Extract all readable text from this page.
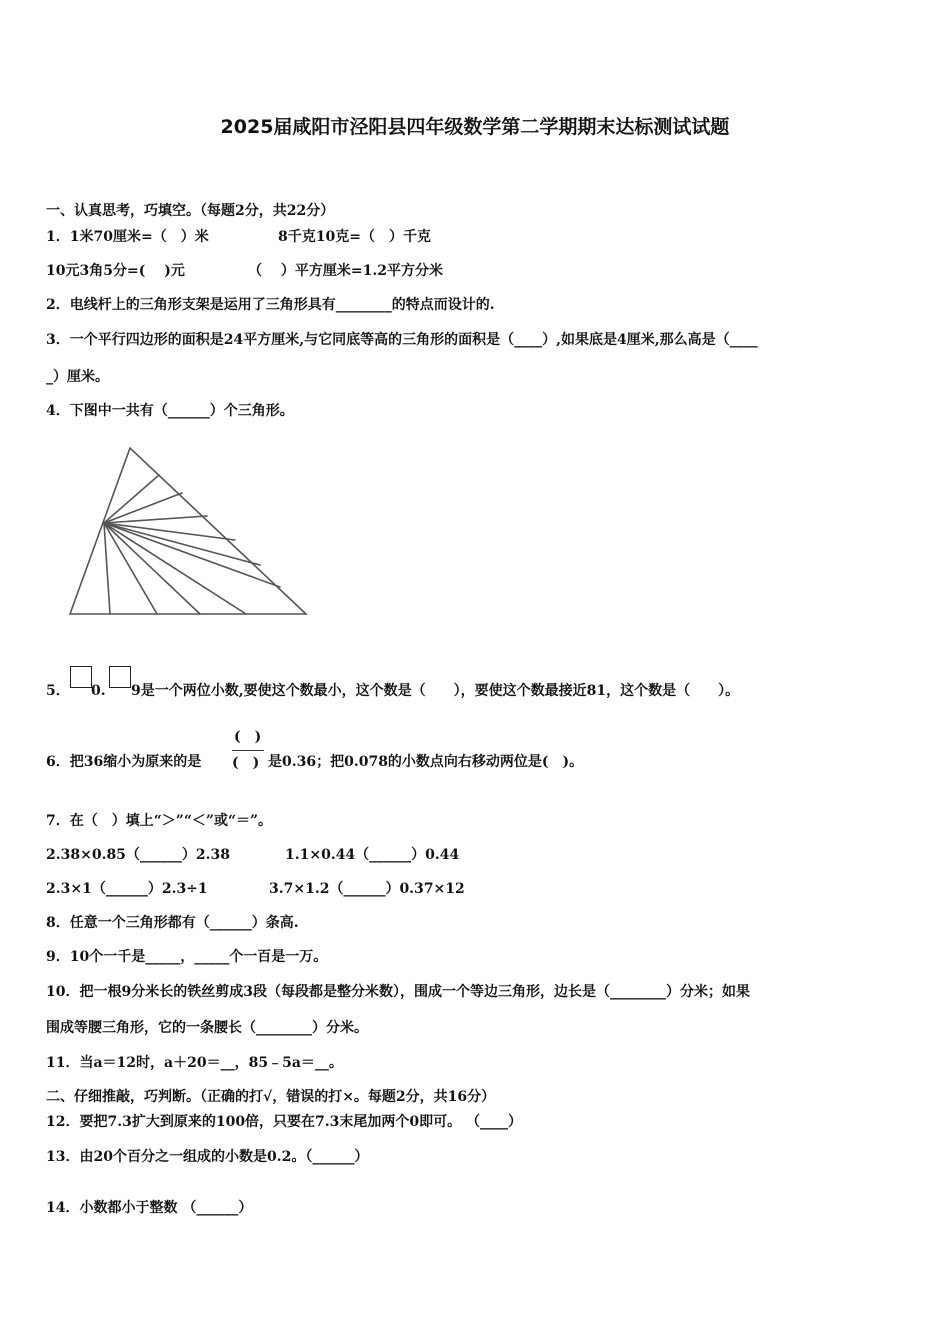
2025届咸阳市泾阳县四年级数学第二学期期末达标测试试题
一、认真思考，巧填空。（每题2分，共22分）
1．1米70厘米=（　）米	8千克10克=（　）千克
10元3角5分=(　 )元	（　 ）平方厘米=1.2平方分米
2．电线杆上的三角形支架是运用了三角形具有________的特点而设计的.
3．一个平行四边形的面积是24平方厘米,与它同底等高的三角形的面积是（____）,如果底是4厘米,那么高是（____
_）厘米。
4．下图中一共有（______）个三角形。
5． 0. 9是一个两位小数,要使这个数最小，这个数是（　　），要使这个数最接近81，这个数是（　　）。
(　)
6．把36缩小为原来的是 (　) 是0.36；把0.078的小数点向右移动两位是(　)。
7．在（　）填上“＞”“＜”或“＝”。
2.38×0.85（______）2.38	1.1×0.44（______）0.44
2.3×1（______）2.3÷1	3.7×1.2（______）0.37×12
8．任意一个三角形都有（______）条高.
9．10个一千是_____，_____个一百是一万。
10．把一根9分米长的铁丝剪成3段（每段都是整分米数），围成一个等边三角形，边长是（________）分米；如果
围成等腰三角形，它的一条腰长（________）分米。
11．当a＝12时，a＋20＝__，85﹣5a＝__。
二、仔细推敲，巧判断。（正确的打√，错误的打×。每题2分，共16分）
12．要把7.3扩大到原来的100倍，只要在7.3末尾加两个0即可。 （____）
13．由20个百分之一组成的小数是0.2。（______）
14．小数都小于整数 （______）
